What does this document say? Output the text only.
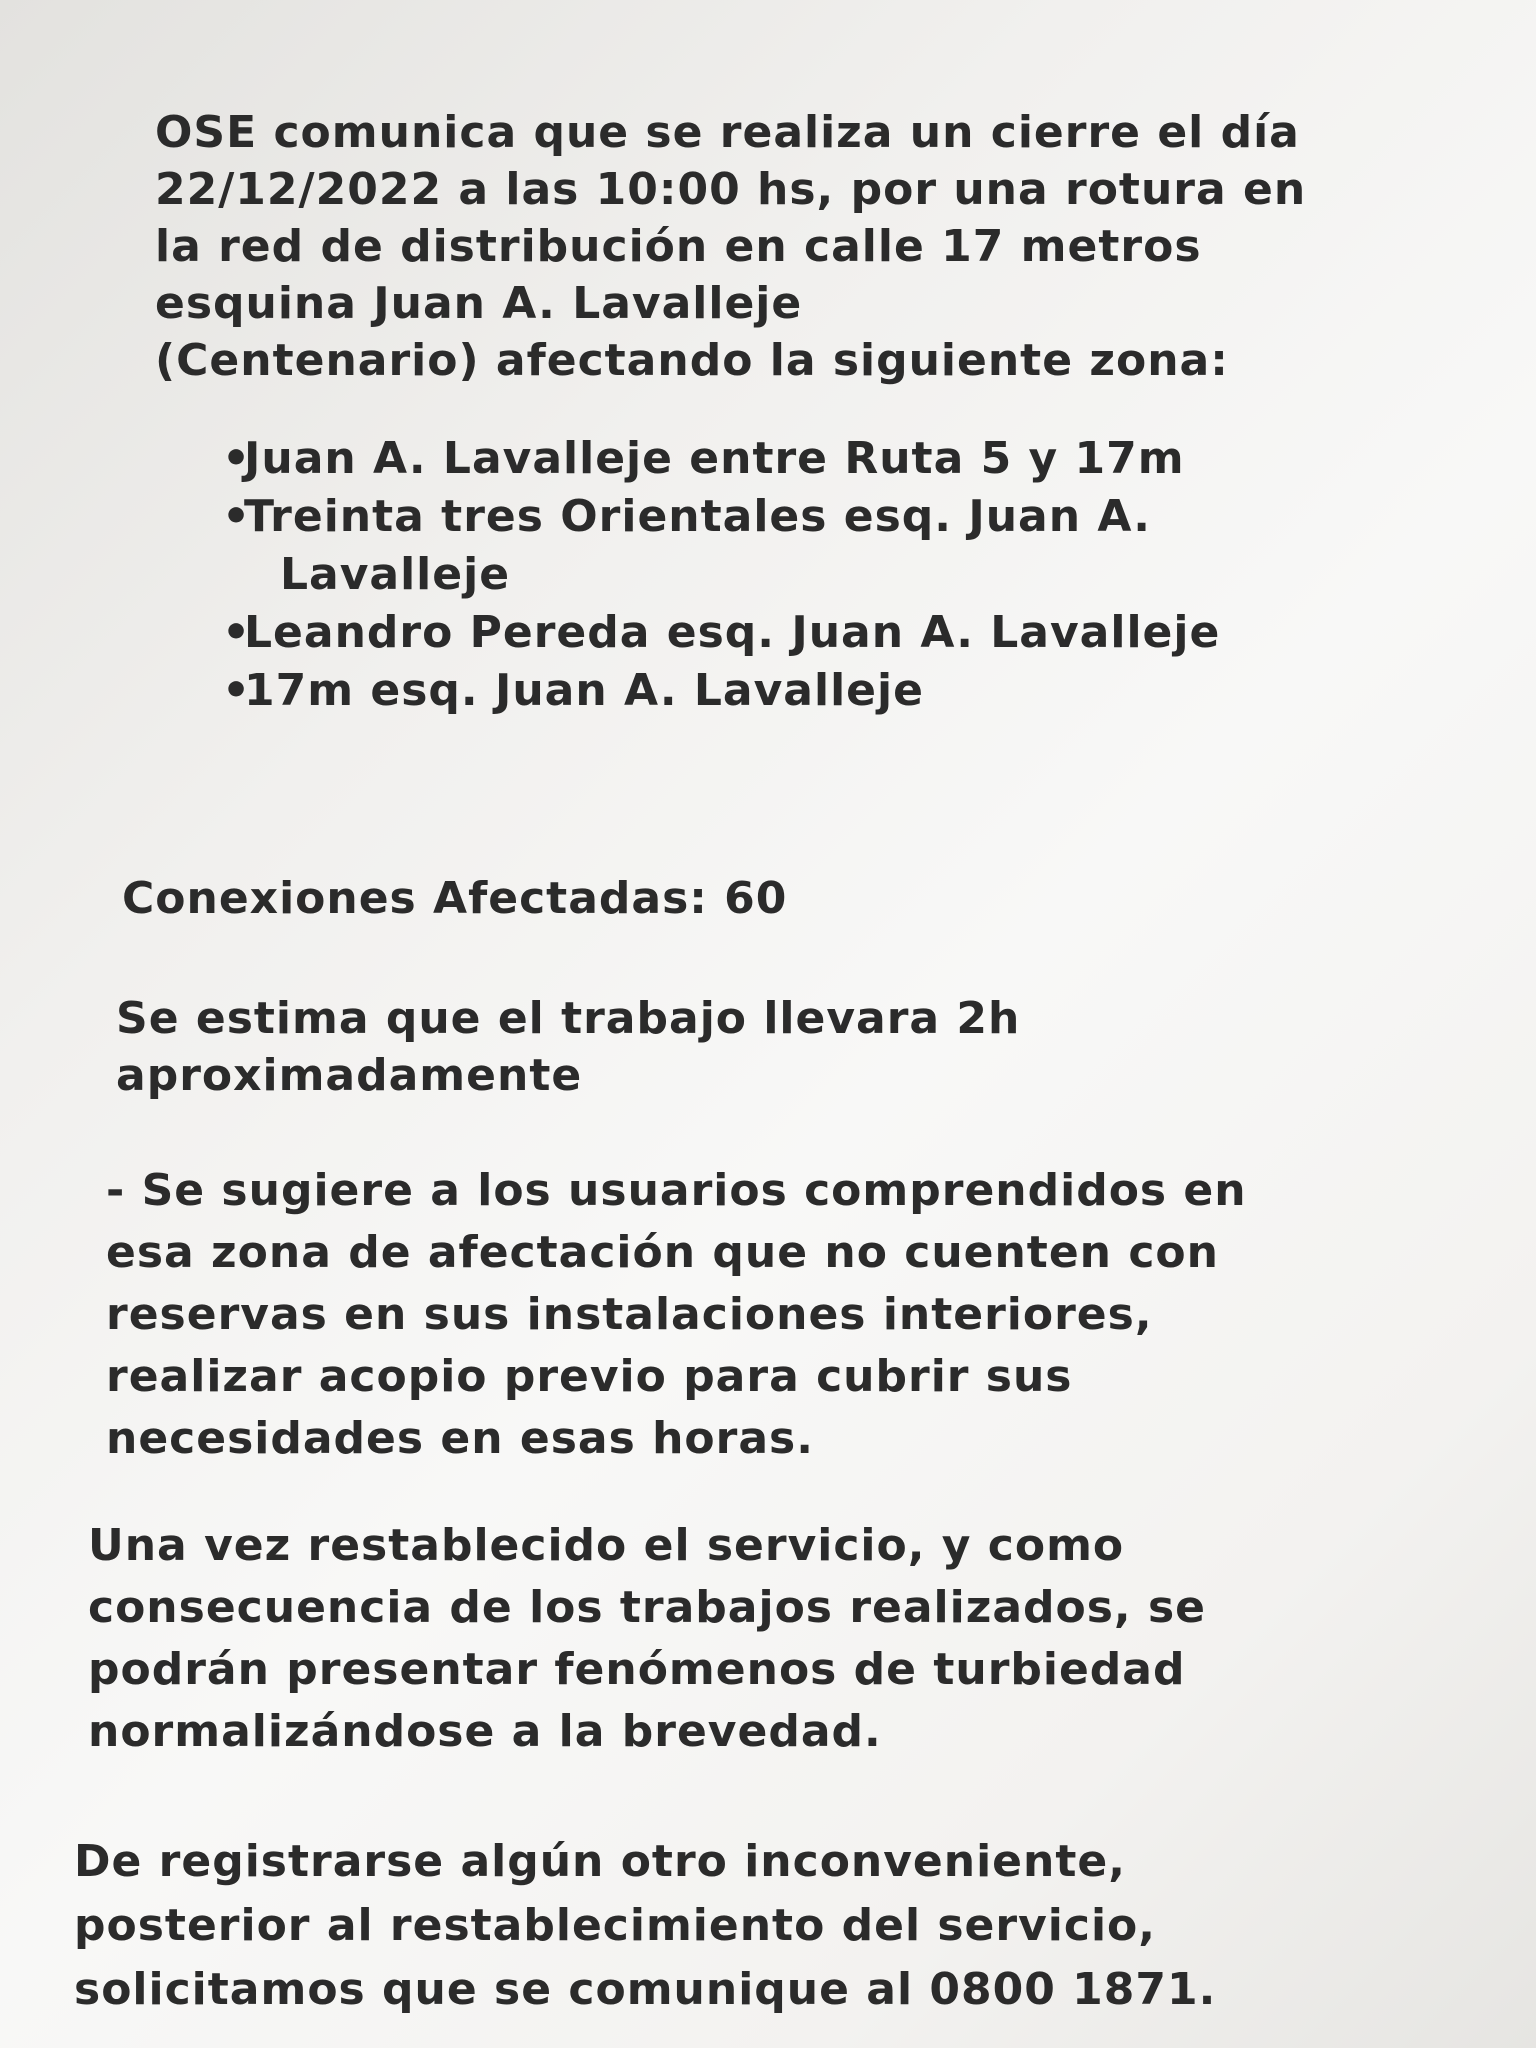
OSE comunica que se realiza un cierre el día
22/12/2022 a las 10:00 hs, por una rotura en
la red de distribución en calle 17 metros
esquina Juan A. Lavalleje
(Centenario) afectando la siguiente zona:

•Juan A. Lavalleje entre Ruta 5 y 17m
•Treinta tres Orientales esq. Juan A.
Lavalleje
•Leandro Pereda esq. Juan A. Lavalleje
•17m esq. Juan A. Lavalleje

Conexiones Afectadas: 60

Se estima que el trabajo llevara 2h
aproximadamente

- Se sugiere a los usuarios comprendidos en
esa zona de afectación que no cuenten con
reservas en sus instalaciones interiores,
realizar acopio previo para cubrir sus
necesidades en esas horas.

Una vez restablecido el servicio, y como
consecuencia de los trabajos realizados, se
podrán presentar fenómenos de turbiedad
normalizándose a la brevedad.

De registrarse algún otro inconveniente,
posterior al restablecimiento del servicio,
solicitamos que se comunique al 0800 1871.
